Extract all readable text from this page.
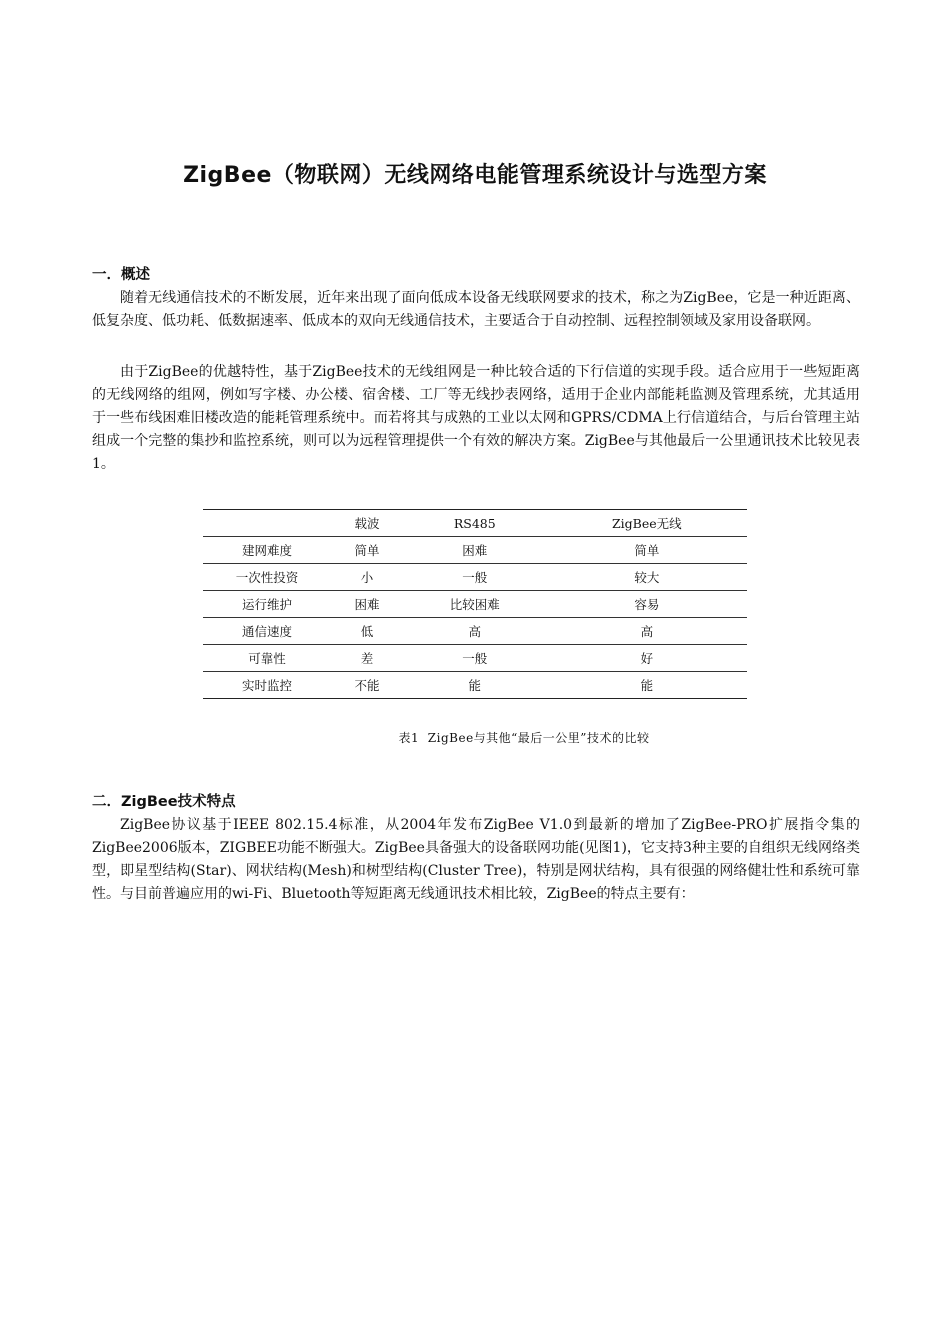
ZigBee（物联网）无线网络电能管理系统设计与选型方案
一．概述

随着无线通信技术的不断发展，近年来出现了面向低成本设备无线联网要求的技术，称之为ZigBee，它是一种近距离、低复杂度、低功耗、低数据速率、低成本的双向无线通信技术，主要适合于自动控制、远程控制领域及家用设备联网。

由于ZigBee的优越特性，基于ZigBee技术的无线组网是一种比较合适的下行信道的实现手段。适合应用于一些短距离的无线网络的组网，例如写字楼、办公楼、宿舍楼、工厂等无线抄表网络，适用于企业内部能耗监测及管理系统，尤其适用于一些布线困难旧楼改造的能耗管理系统中。而若将其与成熟的工业以太网和GPRS/CDMA上行信道结合，与后台管理主站组成一个完整的集抄和监控系统，则可以为远程管理提供一个有效的解决方案。ZigBee与其他最后一公里通讯技术比较见表1。

	载波	RS485	ZigBee无线
建网难度	简单	困难	简单
一次性投资	小	一般	较大
运行维护	困难	比较困难	容易
通信速度	低	高	高
可靠性	差	一般	好
实时监控	不能	能	能
表1  ZigBee与其他“最后一公里”技术的比较
二．ZigBee技术特点

ZigBee协议基于IEEE 802.15.4标准，从2004年发布ZigBee V1.0到最新的增加了ZigBee-PRO扩展指令集的ZigBee2006版本，ZIGBEE功能不断强大。ZigBee具备强大的设备联网功能(见图1)，它支持3种主要的自组织无线网络类型，即星型结构(Star)、网状结构(Mesh)和树型结构(Cluster Tree)，特别是网状结构，具有很强的网络健壮性和系统可靠性。与目前普遍应用的wi-Fi、Bluetooth等短距离无线通讯技术相比较，ZigBee的特点主要有：
